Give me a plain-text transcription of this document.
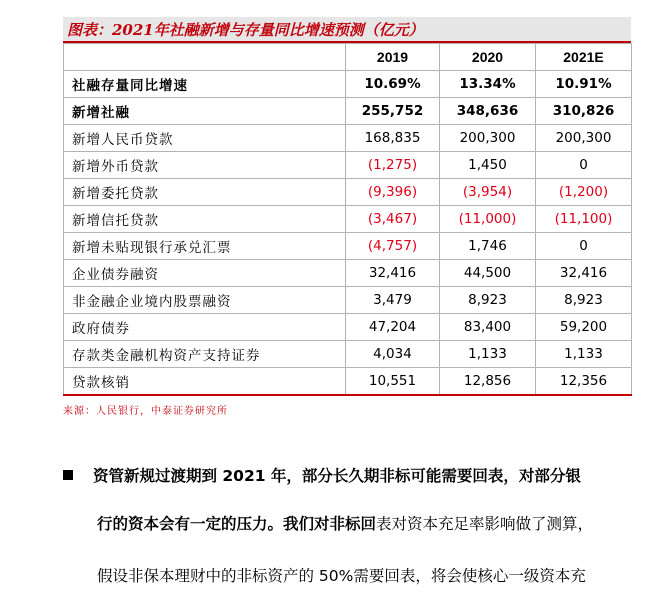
图表：2021年社融新增与存量同比增速预测（亿元）
	2019	2020	2021E
社融存量同比增速	10.69%	13.34%	10.91%
新增社融	255,752	348,636	310,826
新增人民币贷款	168,835	200,300	200,300
新增外币贷款	(1,275)	1,450	0
新增委托贷款	(9,396)	(3,954)	(1,200)
新增信托贷款	(3,467)	(11,000)	(11,100)
新增未贴现银行承兑汇票	(4,757)	1,746	0
企业债券融资	32,416	44,500	32,416
非金融企业境内股票融资	3,479	8,923	8,923
政府债券	47,204	83,400	59,200
存款类金融机构资产支持证券	4,034	1,133	1,133
贷款核销	10,551	12,856	12,356
来源：人民银行，中泰证券研究所
资管新规过渡期到 2021 年，部分长久期非标可能需要回表，对部分银
行的资本会有一定的压力。我们对非标回表对资本充足率影响做了测算，
假设非保本理财中的非标资产的 50%需要回表，将会使核心一级资本充
